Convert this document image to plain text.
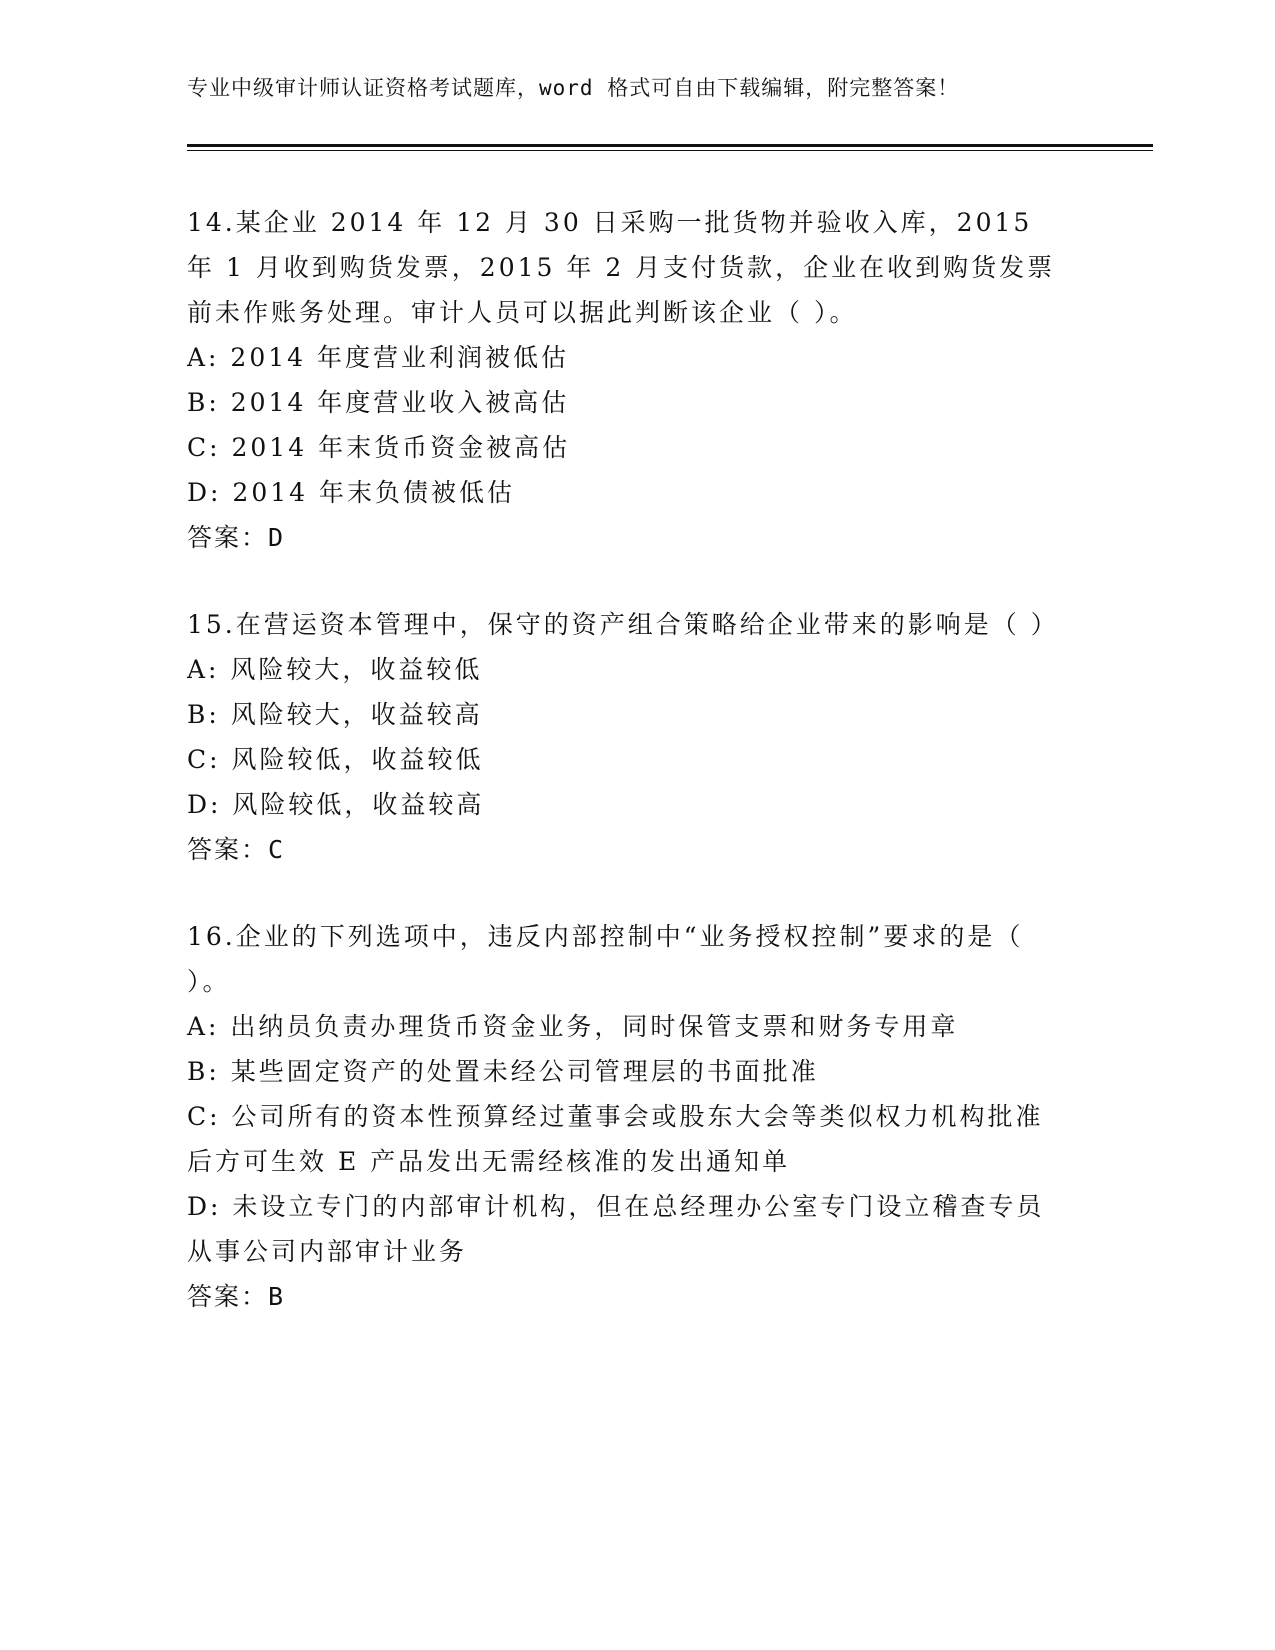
专业中级审计师认证资格考试题库，word 格式可自由下载编辑，附完整答案！

14.某企业 2014 年 12 月 30 日采购一批货物并验收入库，2015 年 1 月收到购货发票，2015 年 2 月支付货款，企业在收到购货发票前未作账务处理。审计人员可以据此判断该企业（ ）。

A: 2014 年度营业利润被低估

B: 2014 年度营业收入被高估

C: 2014 年末货币资金被高估

D: 2014 年末负债被低估

答案：D

15.在营运资本管理中，保守的资产组合策略给企业带来的影响是（ ）

A: 风险较大，收益较低

B: 风险较大，收益较高

C: 风险较低，收益较低

D: 风险较低，收益较高

答案：C

16.企业的下列选项中，违反内部控制中“业务授权控制”要求的是（ ）。

A: 出纳员负责办理货币资金业务，同时保管支票和财务专用章

B: 某些固定资产的处置未经公司管理层的书面批准

C: 公司所有的资本性预算经过董事会或股东大会等类似权力机构批准后方可生效 E 产品发出无需经核准的发出通知单

D: 未设立专门的内部审计机构，但在总经理办公室专门设立稽查专员从事公司内部审计业务

答案：B
